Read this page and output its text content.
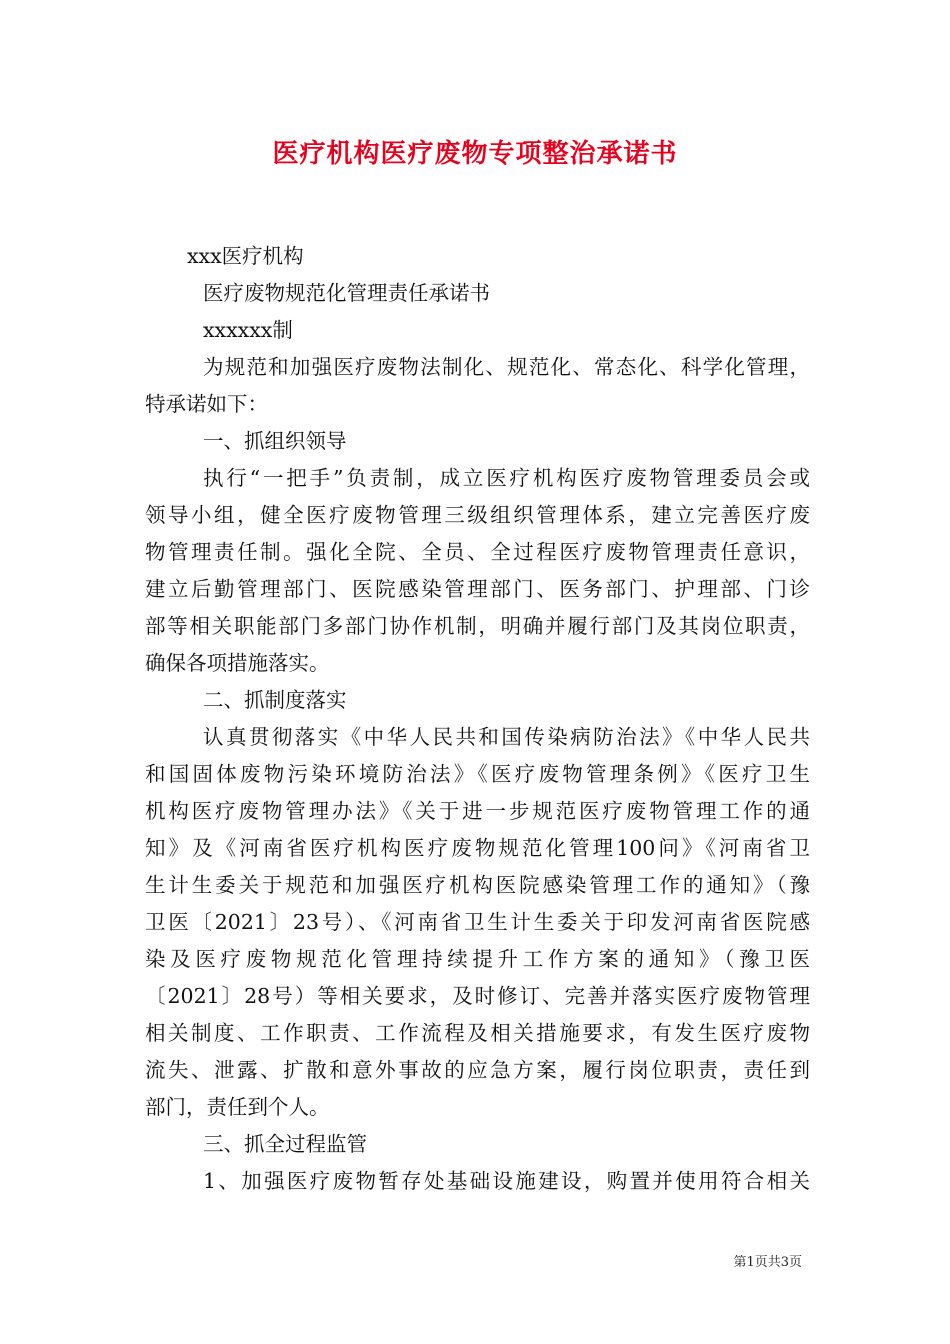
医疗机构医疗废物专项整治承诺书
xxx医疗机构
医疗废物规范化管理责任承诺书
xxxxxx制
为规范和加强医疗废物法制化、规范化、常态化、科学化管理，
特承诺如下：
一、抓组织领导
执行“一把手”负责制，成立医疗机构医疗废物管理委员会或
领导小组，健全医疗废物管理三级组织管理体系，建立完善医疗废
物管理责任制。强化全院、全员、全过程医疗废物管理责任意识，
建立后勤管理部门、医院感染管理部门、医务部门、护理部、门诊
部等相关职能部门多部门协作机制，明确并履行部门及其岗位职责，
确保各项措施落实。
二、抓制度落实
认真贯彻落实《中华人民共和国传染病防治法》《中华人民共
和国固体废物污染环境防治法》《医疗废物管理条例》《医疗卫生
机构医疗废物管理办法》《关于进一步规范医疗废物管理工作的通
知》及《河南省医疗机构医疗废物规范化管理100问》《河南省卫
生计生委关于规范和加强医疗机构医院感染管理工作的通知》（豫
卫医〔2021〕23号）、《河南省卫生计生委关于印发河南省医院感
染及医疗废物规范化管理持续提升工作方案的通知》（豫卫医
〔2021〕28号）等相关要求，及时修订、完善并落实医疗废物管理
相关制度、工作职责、工作流程及相关措施要求，有发生医疗废物
流失、泄露、扩散和意外事故的应急方案，履行岗位职责，责任到
部门，责任到个人。
三、抓全过程监管
1、加强医疗废物暂存处基础设施建设，购置并使用符合相关
第1页共3页
